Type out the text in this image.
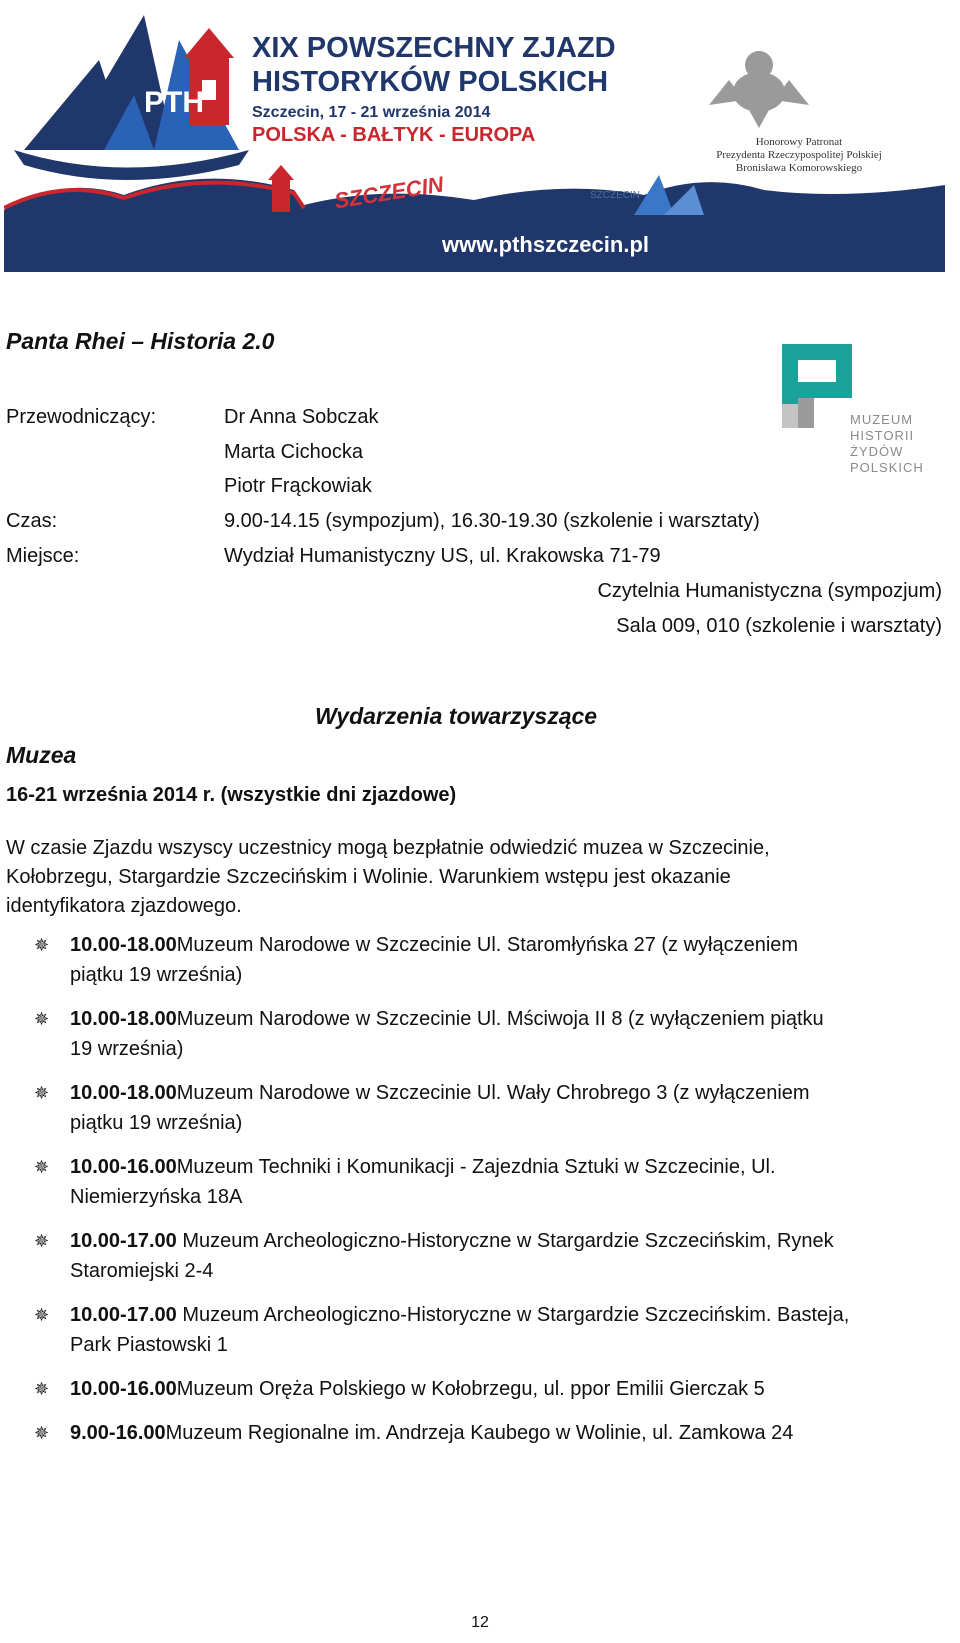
PTH
XIX POWSZECHNY ZJAZD
HISTORYKÓW POLSKICH
Szczecin, 17 - 21 września 2014
POLSKA - BAŁTYK - EUROPA	Honorowy Patronat
Prezydenta Rzeczypospolitej Polskiej
Bronisława Komorowskiego
SZCZECIN	SZCZECIN
www.pthszczecin.pl
Panta Rhei – Historia 2.0
Przewodniczący:	Dr Anna Sobczak
Marta Cichocka
Piotr Frąckowiak
Czas:	9.00-14.15 (sympozjum), 16.30-19.30 (szkolenie i warsztaty)
Miejsce:	Wydział Humanistyczny US, ul. Krakowska 71-79
Czytelnia Humanistyczna (sympozjum)
Sala 009, 010 (szkolenie i warsztaty)
MUZEUM
HISTORII
ŻYDÓW
POLSKICH
Wydarzenia towarzyszące
Muzea
16-21 września 2014 r. (wszystkie dni zjazdowe)
W czasie Zjazdu wszyscy uczestnicy mogą bezpłatnie odwiedzić muzea w Szczecinie,
Kołobrzegu, Stargardzie Szczecińskim i Wolinie. Warunkiem wstępu jest okazanie
identyfikatora zjazdowego.
✵ 10.00-18.00Muzeum Narodowe w Szczecinie Ul. Staromłyńska 27 (z wyłączeniem
piątku 19 września)
✵ 10.00-18.00Muzeum Narodowe w Szczecinie Ul. Mściwoja II 8 (z wyłączeniem piątku
19 września)
✵ 10.00-18.00Muzeum Narodowe w Szczecinie Ul. Wały Chrobrego 3 (z wyłączeniem
piątku 19 września)
✵ 10.00-16.00Muzeum Techniki i Komunikacji - Zajezdnia Sztuki w Szczecinie, Ul.
Niemierzyńska 18A
✵ 10.00-17.00 Muzeum Archeologiczno-Historyczne w Stargardzie Szczecińskim, Rynek
Staromiejski 2-4
✵ 10.00-17.00 Muzeum Archeologiczno-Historyczne w Stargardzie Szczecińskim. Basteja,
Park Piastowski 1
✵ 10.00-16.00Muzeum Oręża Polskiego w Kołobrzegu, ul. ppor Emilii Gierczak 5
✵ 9.00-16.00Muzeum Regionalne im. Andrzeja Kaubego w Wolinie, ul. Zamkowa 24
12
